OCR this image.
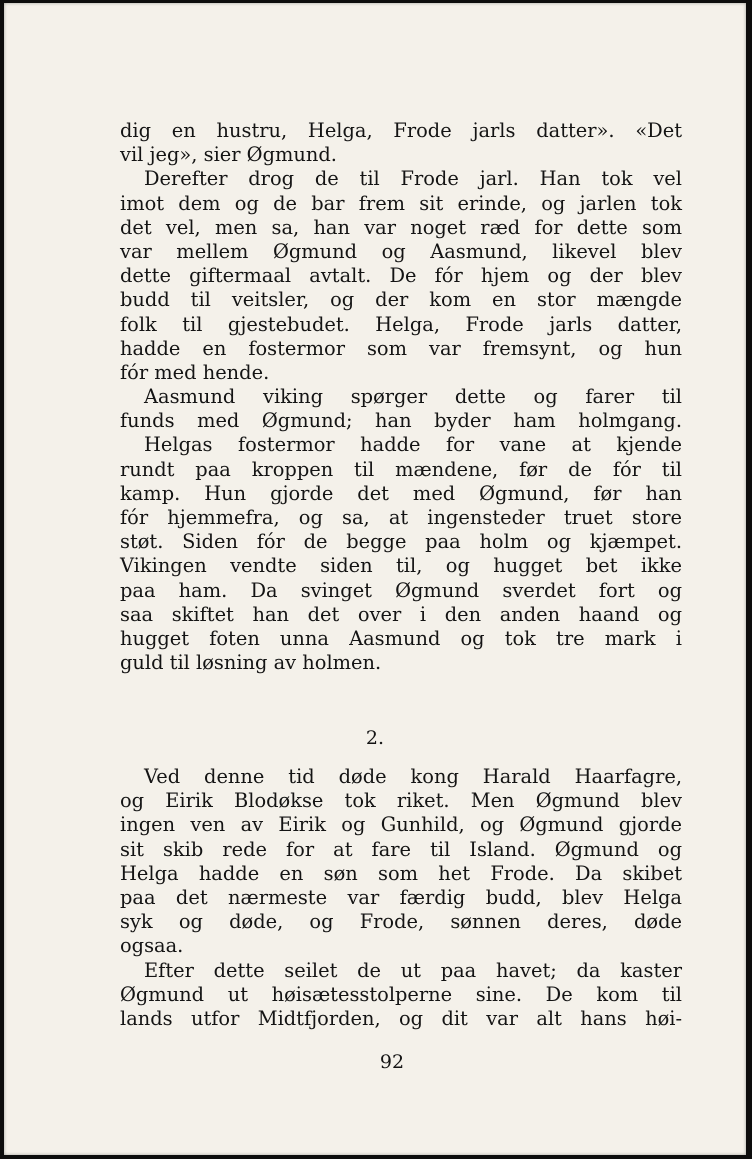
dig en hustru, Helga, Frode jarls datter». «Det
vil jeg», sier Øgmund.
Derefter drog de til Frode jarl. Han tok vel
imot dem og de bar frem sit erinde, og jarlen tok
det vel, men sa, han var noget ræd for dette som
var mellem Øgmund og Aasmund, likevel blev
dette giftermaal avtalt. De fór hjem og der blev
budd til veitsler, og der kom en stor mængde
folk til gjestebudet. Helga, Frode jarls datter,
hadde en fostermor som var fremsynt, og hun
fór med hende.
Aasmund viking spørger dette og farer til
funds med Øgmund; han byder ham holmgang.
Helgas fostermor hadde for vane at kjende
rundt paa kroppen til mændene, før de fór til
kamp. Hun gjorde det med Øgmund, før han
fór hjemmefra, og sa, at ingensteder truet store
støt. Siden fór de begge paa holm og kjæmpet.
Vikingen vendte siden til, og hugget bet ikke
paa ham. Da svinget Øgmund sverdet fort og
saa skiftet han det over i den anden haand og
hugget foten unna Aasmund og tok tre mark i
guld til løsning av holmen.
2.
Ved denne tid døde kong Harald Haarfagre,
og Eirik Blodøkse tok riket. Men Øgmund blev
ingen ven av Eirik og Gunhild, og Øgmund gjorde
sit skib rede for at fare til Island. Øgmund og
Helga hadde en søn som het Frode. Da skibet
paa det nærmeste var færdig budd, blev Helga
syk og døde, og Frode, sønnen deres, døde
ogsaa.
Efter dette seilet de ut paa havet; da kaster
Øgmund ut høisætesstolperne sine. De kom til
lands utfor Midtfjorden, og dit var alt hans høi-
92
